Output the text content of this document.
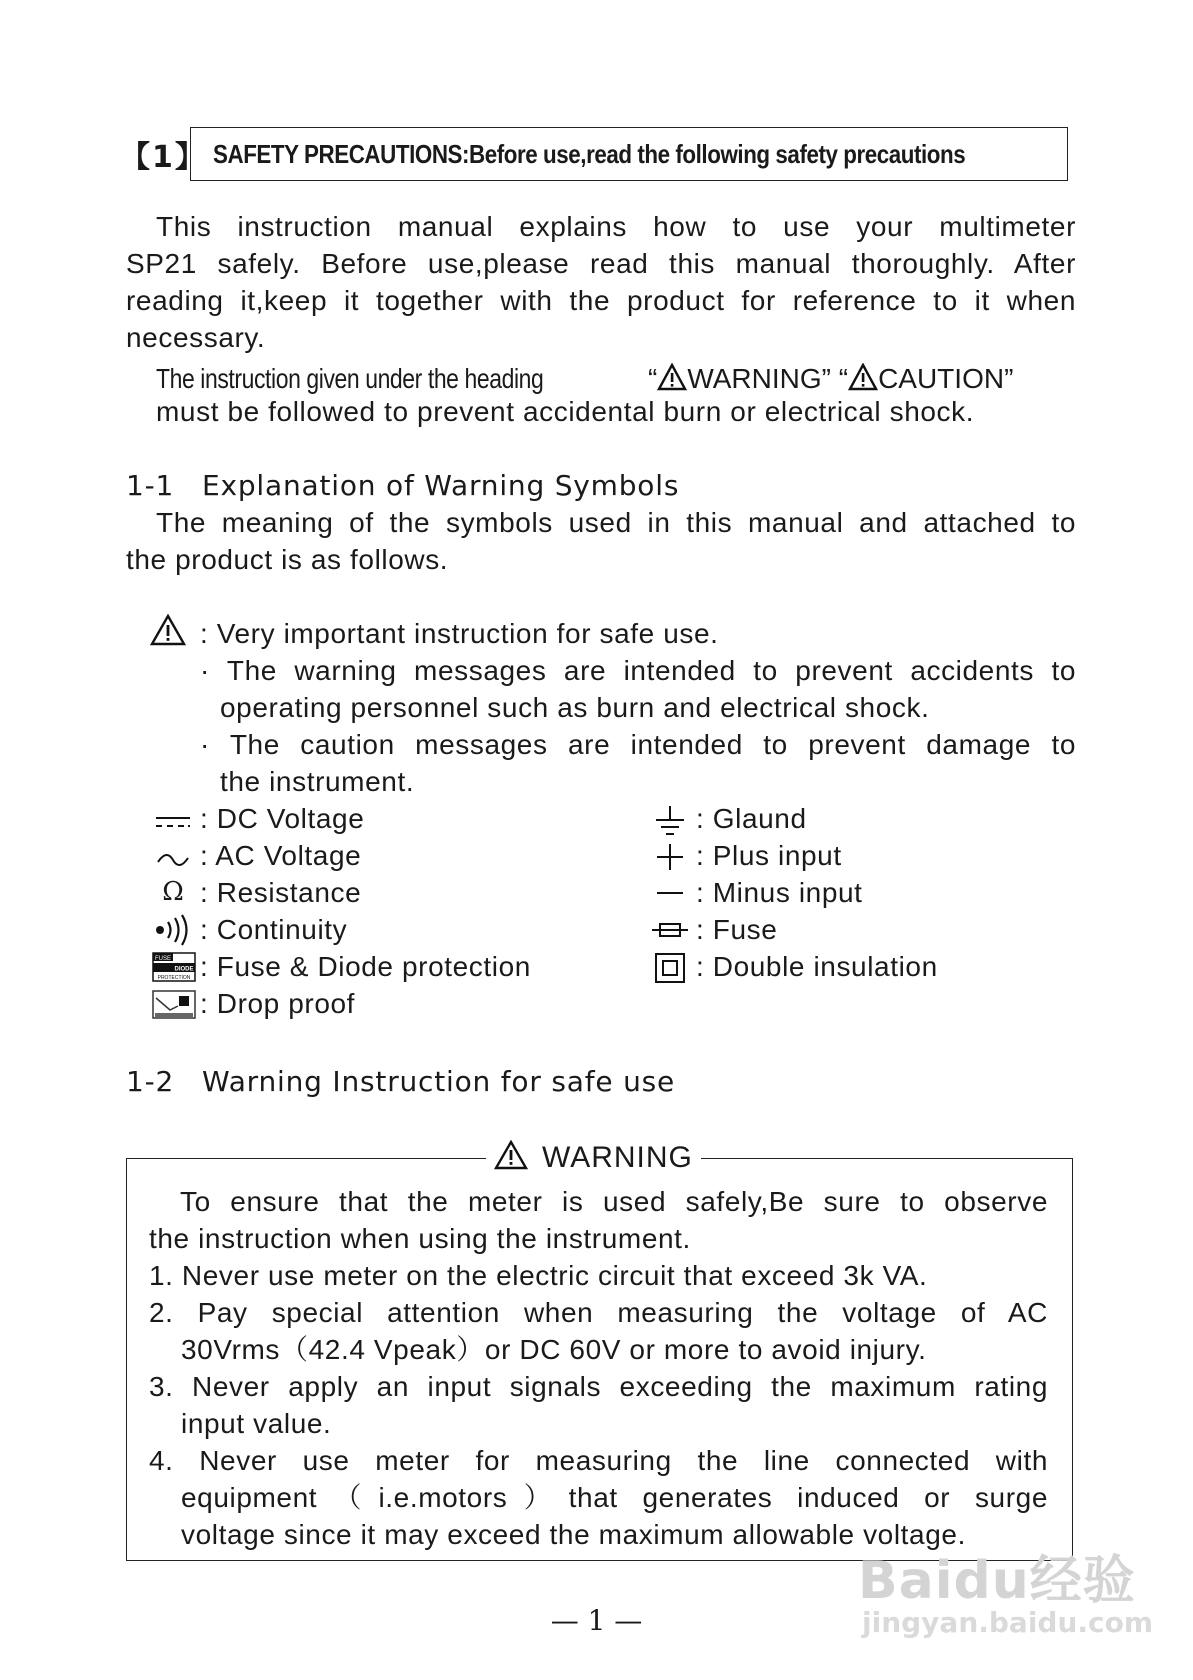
【1】 SAFETY PRECAUTIONS:Before use,read the following safety precautions
This instruction manual explains how to use your multimeter
SP21 safely. Before use,please read this manual thoroughly. After
reading it,keep it together with the product for reference to it when
necessary.
The instruction given under the heading	“ WARNING” “ CAUTION”
must be followed to prevent accidental burn or electrical shock.
1-1 Explanation of Warning Symbols
The meaning of the symbols used in this manual and attached to
the product is as follows.
: Very important instruction for safe use.
· The warning messages are intended to prevent accidents to
operating personnel such as burn and electrical shock.
· The caution messages are intended to prevent damage to
the instrument.
: DC Voltage
: AC Voltage
Ω : Resistance
: Continuity
FUSE
DIODE
PROTECTION : Fuse & Diode protection
: Drop proof
: Glaund
: Plus input
: Minus input
: Fuse
: Double insulation
1-2 Warning Instruction for safe use
WARNING
To ensure that the meter is used safely,Be sure to observe
the instruction when using the instrument.
1. Never use meter on the electric circuit that exceed 3k VA.
2. Pay special attention when measuring the voltage of AC
30Vrms（42.4 Vpeak）or DC 60V or more to avoid injury.
3. Never apply an input signals exceeding the maximum rating
input value.
4. Never use meter for measuring the line connected with
equipment（i.e.motors）that generates induced or surge
voltage since it may exceed the maximum allowable voltage.
— 1 —
Baidu经验
jingyan.baidu.com
